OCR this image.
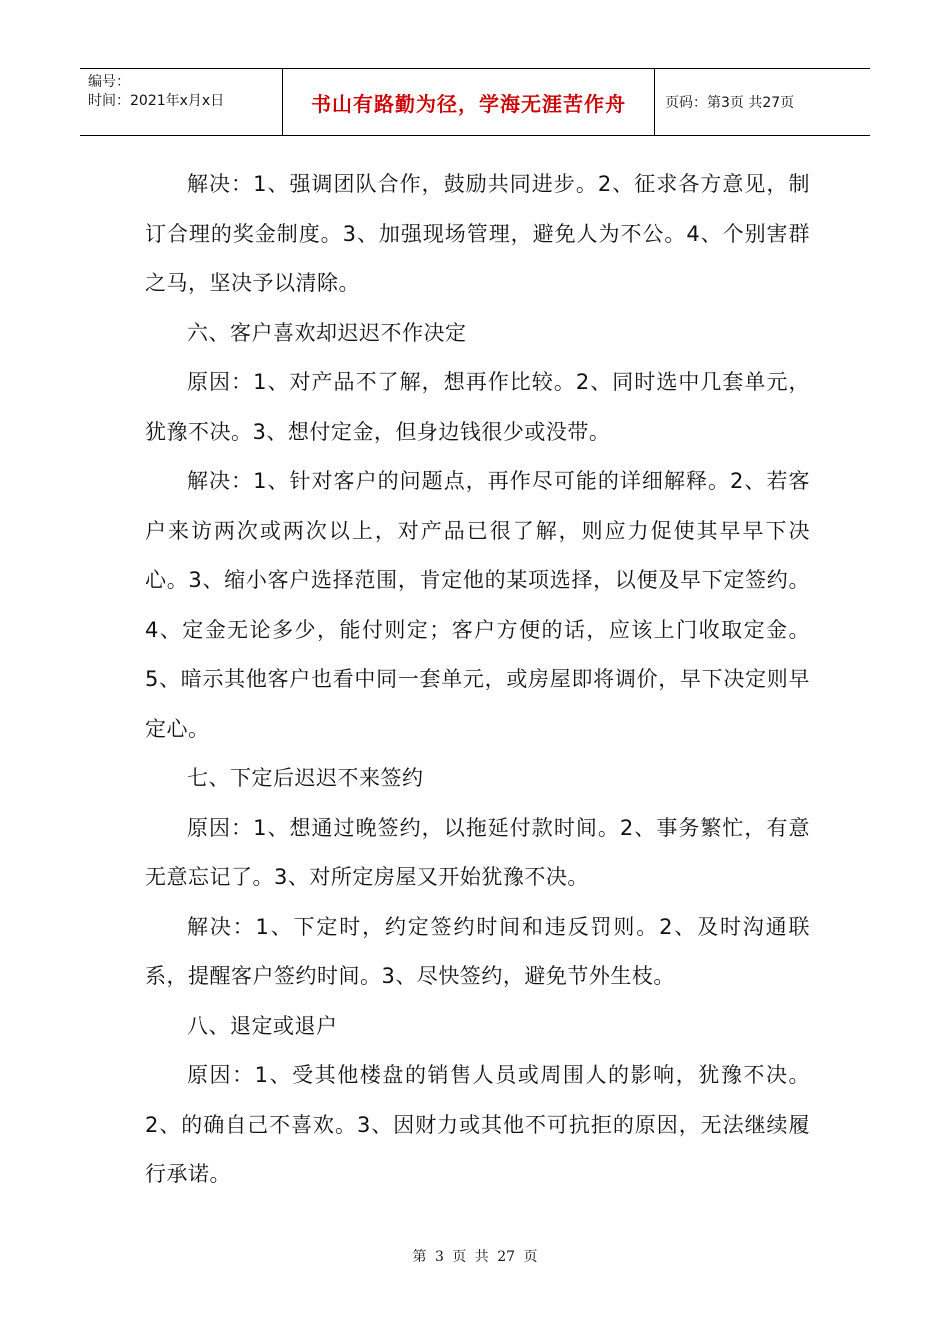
编号：
时间：2021年x月x日	书山有路勤为径，学海无涯苦作舟	页码：第3页 共27页

解决：1、强调团队合作，鼓励共同进步。2、征求各方意见，制订合理的奖金制度。3、加强现场管理，避免人为不公。4、个别害群之马，坚决予以清除。

六、客户喜欢却迟迟不作决定

原因：1、对产品不了解，想再作比较。2、同时选中几套单元，犹豫不决。3、想付定金，但身边钱很少或没带。

解决：1、针对客户的问题点，再作尽可能的详细解释。2、若客户来访两次或两次以上，对产品已很了解，则应力促使其早早下决心。3、缩小客户选择范围，肯定他的某项选择，以便及早下定签约。4、定金无论多少，能付则定；客户方便的话，应该上门收取定金。5、暗示其他客户也看中同一套单元，或房屋即将调价，早下决定则早定心。

七、下定后迟迟不来签约

原因：1、想通过晚签约，以拖延付款时间。2、事务繁忙，有意无意忘记了。3、对所定房屋又开始犹豫不决。

解决：1、下定时，约定签约时间和违反罚则。2、及时沟通联系，提醒客户签约时间。3、尽快签约，避免节外生枝。

八、退定或退户

原因：1、受其他楼盘的销售人员或周围人的影响，犹豫不决。2、的确自己不喜欢。3、因财力或其他不可抗拒的原因，无法继续履行承诺。

第 3 页 共 27 页
